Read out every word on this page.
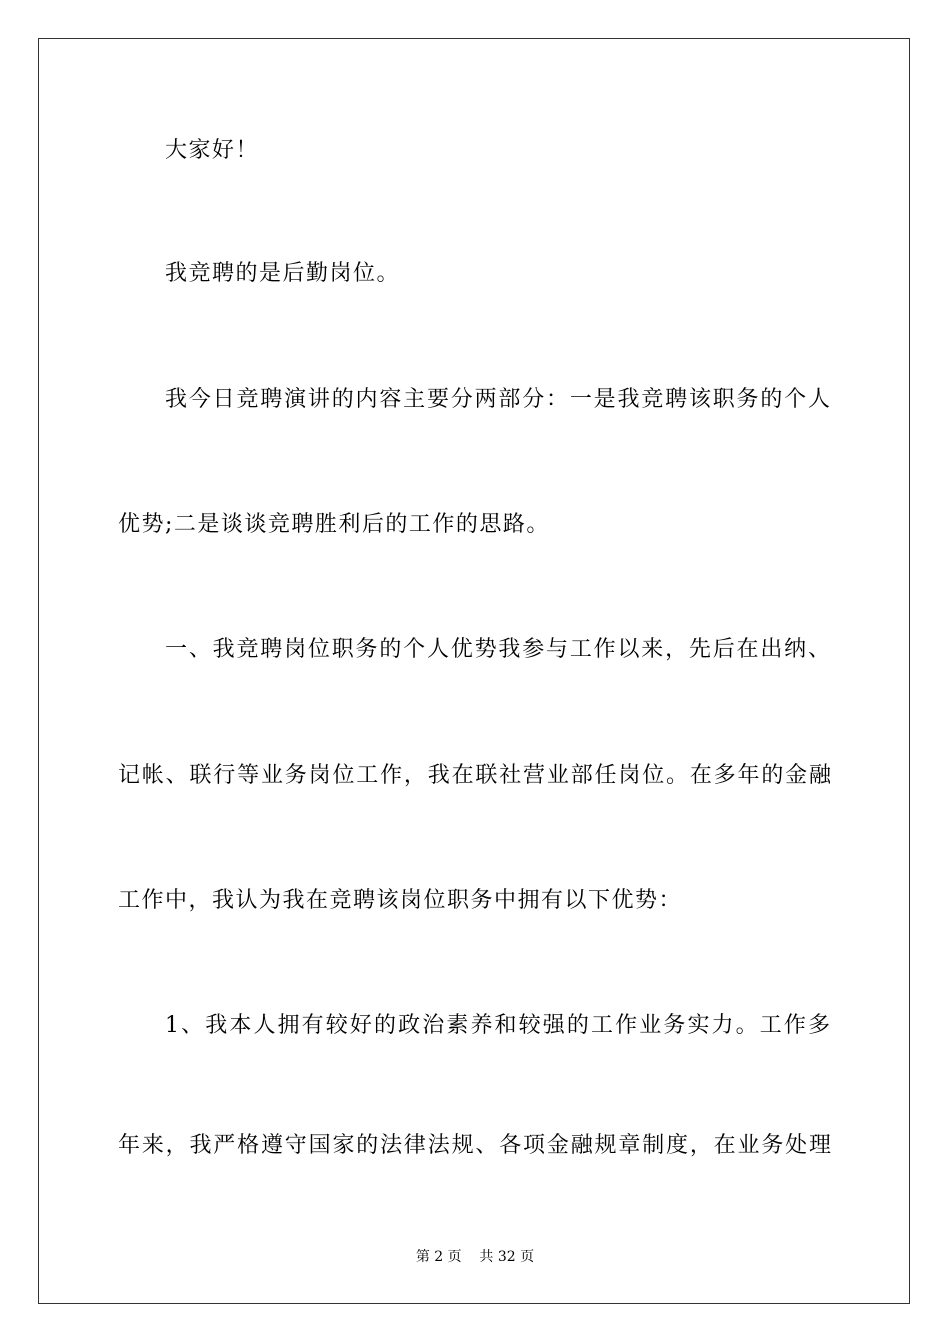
大家好！
我竞聘的是后勤岗位。
我今日竞聘演讲的内容主要分两部分：一是我竞聘该职务的个人
优势;二是谈谈竞聘胜利后的工作的思路。
一、我竞聘岗位职务的个人优势我参与工作以来，先后在出纳、
记帐、联行等业务岗位工作，我在联社营业部任岗位。在多年的金融
工作中，我认为我在竞聘该岗位职务中拥有以下优势：
1、我本人拥有较好的政治素养和较强的工作业务实力。工作多
年来，我严格遵守国家的法律法规、各项金融规章制度，在业务处理
第 2 页    共 32 页
